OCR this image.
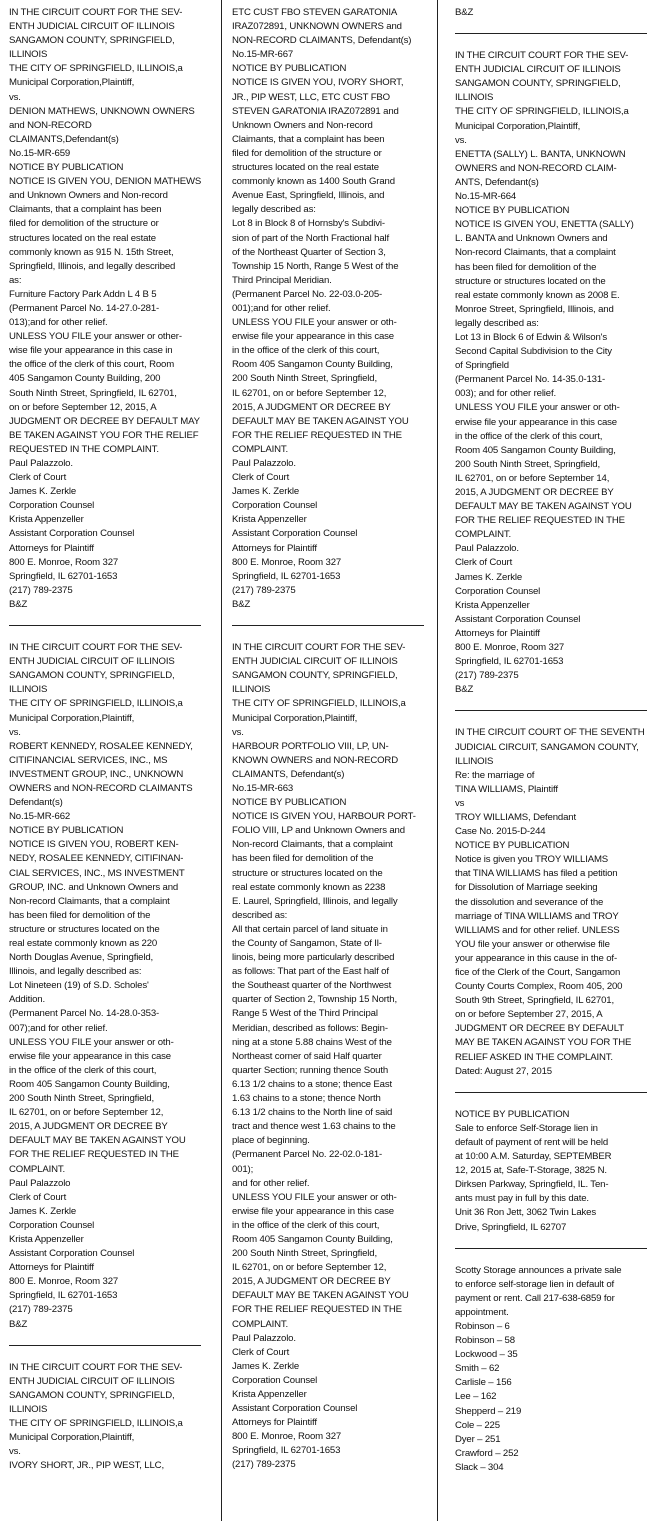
IN THE CIRCUIT COURT FOR THE SEV-
ENTH JUDICIAL CIRCUIT OF ILLINOIS
SANGAMON COUNTY, SPRINGFIELD,
ILLINOIS
THE CITY OF SPRINGFIELD, ILLINOIS,a
Municipal Corporation,Plaintiff,
vs.
DENION MATHEWS, UNKNOWN OWNERS
and NON-RECORD
CLAIMANTS,Defendant(s)
No.15-MR-659
NOTICE BY PUBLICATION
NOTICE IS GIVEN YOU, DENION MATHEWS
and Unknown Owners and Non-record
Claimants, that a complaint has been
filed for demolition of the structure or
structures located on the real estate
commonly known as 915 N. 15th Street,
Springfield, Illinois, and legally described
as:
Furniture Factory Park Addn L 4 B 5
(Permanent Parcel No. 14-27.0-281-
013);and for other relief.
UNLESS YOU FILE your answer or other-
wise file your appearance in this case in
the office of the clerk of this court, Room
405 Sangamon County Building, 200
South Ninth Street, Springfield, IL 62701,
on or before September 12, 2015, A
JUDGMENT OR DECREE BY DEFAULT MAY
BE TAKEN AGAINST YOU FOR THE RELIEF
REQUESTED IN THE COMPLAINT.
Paul Palazzolo.
Clerk of Court
James K. Zerkle
Corporation Counsel
Krista Appenzeller
Assistant Corporation Counsel
Attorneys for Plaintiff
800 E. Monroe, Room 327
Springfield, IL 62701-1653
(217) 789-2375
B&Z
IN THE CIRCUIT COURT FOR THE SEV-
ENTH JUDICIAL CIRCUIT OF ILLINOIS
SANGAMON COUNTY, SPRINGFIELD,
ILLINOIS
THE CITY OF SPRINGFIELD, ILLINOIS,a
Municipal Corporation,Plaintiff,
vs.
ROBERT KENNEDY, ROSALEE KENNEDY,
CITIFINANCIAL SERVICES, INC., MS
INVESTMENT GROUP, INC., UNKNOWN
OWNERS and NON-RECORD CLAIMANTS
Defendant(s)
No.15-MR-662
NOTICE BY PUBLICATION
NOTICE IS GIVEN YOU, ROBERT KEN-
NEDY, ROSALEE KENNEDY, CITIFINAN-
CIAL SERVICES, INC., MS INVESTMENT
GROUP, INC. and Unknown Owners and
Non-record Claimants, that a complaint
has been filed for demolition of the
structure or structures located on the
real estate commonly known as 220
North Douglas Avenue, Springfield,
Illinois, and legally described as:
Lot Nineteen (19) of S.D. Scholes'
Addition.
(Permanent Parcel No. 14-28.0-353-
007);and for other relief.
UNLESS YOU FILE your answer or oth-
erwise file your appearance in this case
in the office of the clerk of this court,
Room 405 Sangamon County Building,
200 South Ninth Street, Springfield,
IL 62701, on or before September 12,
2015, A JUDGMENT OR DECREE BY
DEFAULT MAY BE TAKEN AGAINST YOU
FOR THE RELIEF REQUESTED IN THE
COMPLAINT.
Paul Palazzolo
Clerk of Court
James K. Zerkle
Corporation Counsel
Krista Appenzeller
Assistant Corporation Counsel
Attorneys for Plaintiff
800 E. Monroe, Room 327
Springfield, IL 62701-1653
(217) 789-2375
B&Z
IN THE CIRCUIT COURT FOR THE SEV-
ENTH JUDICIAL CIRCUIT OF ILLINOIS
SANGAMON COUNTY, SPRINGFIELD,
ILLINOIS
THE CITY OF SPRINGFIELD, ILLINOIS,a
Municipal Corporation,Plaintiff,
vs.
IVORY SHORT, JR., PIP WEST, LLC,
ETC CUST FBO STEVEN GARATONIA
IRAZ072891, UNKNOWN OWNERS and
NON-RECORD CLAIMANTS, Defendant(s)
No.15-MR-667
NOTICE BY PUBLICATION
NOTICE IS GIVEN YOU, IVORY SHORT,
JR., PIP WEST, LLC, ETC CUST FBO
STEVEN GARATONIA IRAZ072891 and
Unknown Owners and Non-record
Claimants, that a complaint has been
filed for demolition of the structure or
structures located on the real estate
commonly known as 1400 South Grand
Avenue East, Springfield, Illinois, and
legally described as:
Lot 8 in Block 8 of Hornsby's Subdivi-
sion of part of the North Fractional half
of the Northeast Quarter of Section 3,
Township 15 North, Range 5 West of the
Third Principal Meridian.
(Permanent Parcel No. 22-03.0-205-
001);and for other relief.
UNLESS YOU FILE your answer or oth-
erwise file your appearance in this case
in the office of the clerk of this court,
Room 405 Sangamon County Building,
200 South Ninth Street, Springfield,
IL 62701, on or before September 12,
2015, A JUDGMENT OR DECREE BY
DEFAULT MAY BE TAKEN AGAINST YOU
FOR THE RELIEF REQUESTED IN THE
COMPLAINT.
Paul Palazzolo.
Clerk of Court
James K. Zerkle
Corporation Counsel
Krista Appenzeller
Assistant Corporation Counsel
Attorneys for Plaintiff
800 E. Monroe, Room 327
Springfield, IL 62701-1653
(217) 789-2375
B&Z
IN THE CIRCUIT COURT FOR THE SEV-
ENTH JUDICIAL CIRCUIT OF ILLINOIS
SANGAMON COUNTY, SPRINGFIELD,
ILLINOIS
THE CITY OF SPRINGFIELD, ILLINOIS,a
Municipal Corporation,Plaintiff,
vs.
HARBOUR PORTFOLIO VIII, LP, UN-
KNOWN OWNERS and NON-RECORD
CLAIMANTS, Defendant(s)
No.15-MR-663
NOTICE BY PUBLICATION
NOTICE IS GIVEN YOU, HARBOUR PORT-
FOLIO VIII, LP and Unknown Owners and
Non-record Claimants, that a complaint
has been filed for demolition of the
structure or structures located on the
real estate commonly known as 2238
E. Laurel, Springfield, Illinois, and legally
described as:
All that certain parcel of land situate in
the County of Sangamon, State of Il-
linois, being more particularly described
as follows: That part of the East half of
the Southeast quarter of the Northwest
quarter of Section 2, Township 15 North,
Range 5 West of the Third Principal
Meridian, described as follows: Begin-
ning at a stone 5.88 chains West of the
Northeast corner of said Half quarter
quarter Section; running thence South
6.13 1/2 chains to a stone; thence East
1.63 chains to a stone; thence North
6.13 1/2 chains to the North line of said
tract and thence west 1.63 chains to the
place of beginning.
(Permanent Parcel No. 22-02.0-181-
001);
and for other relief.
UNLESS YOU FILE your answer or oth-
erwise file your appearance in this case
in the office of the clerk of this court,
Room 405 Sangamon County Building,
200 South Ninth Street, Springfield,
IL 62701, on or before September 12,
2015, A JUDGMENT OR DECREE BY
DEFAULT MAY BE TAKEN AGAINST YOU
FOR THE RELIEF REQUESTED IN THE
COMPLAINT.
Paul Palazzolo.
Clerk of Court
James K. Zerkle
Corporation Counsel
Krista Appenzeller
Assistant Corporation Counsel
Attorneys for Plaintiff
800 E. Monroe, Room 327
Springfield, IL 62701-1653
(217) 789-2375
B&Z
IN THE CIRCUIT COURT FOR THE SEV-
ENTH JUDICIAL CIRCUIT OF ILLINOIS
SANGAMON COUNTY, SPRINGFIELD,
ILLINOIS
THE CITY OF SPRINGFIELD, ILLINOIS,a
Municipal Corporation,Plaintiff,
vs.
ENETTA (SALLY) L. BANTA, UNKNOWN
OWNERS and NON-RECORD CLAIM-
ANTS, Defendant(s)
No.15-MR-664
NOTICE BY PUBLICATION
NOTICE IS GIVEN YOU, ENETTA (SALLY)
L. BANTA and Unknown Owners and
Non-record Claimants, that a complaint
has been filed for demolition of the
structure or structures located on the
real estate commonly known as 2008 E.
Monroe Street, Springfield, Illinois, and
legally described as:
Lot 13 in Block 6 of Edwin & Wilson's
Second Capital Subdivision to the City
of Springfield
(Permanent Parcel No. 14-35.0-131-
003); and for other relief.
UNLESS YOU FILE your answer or oth-
erwise file your appearance in this case
in the office of the clerk of this court,
Room 405 Sangamon County Building,
200 South Ninth Street, Springfield,
IL 62701, on or before September 14,
2015, A JUDGMENT OR DECREE BY
DEFAULT MAY BE TAKEN AGAINST YOU
FOR THE RELIEF REQUESTED IN THE
COMPLAINT.
Paul Palazzolo.
Clerk of Court
James K. Zerkle
Corporation Counsel
Krista Appenzeller
Assistant Corporation Counsel
Attorneys for Plaintiff
800 E. Monroe, Room 327
Springfield, IL 62701-1653
(217) 789-2375
B&Z
IN THE CIRCUIT COURT OF THE SEVENTH
JUDICIAL CIRCUIT, SANGAMON COUNTY,
ILLINOIS
Re: the marriage of
TINA WILLIAMS, Plaintiff
vs
TROY WILLIAMS, Defendant
Case No. 2015-D-244
NOTICE BY PUBLICATION
Notice is given you TROY WILLIAMS
that TINA WILLIAMS has filed a petition
for Dissolution of Marriage seeking
the dissolution and severance of the
marriage of TINA WILLIAMS and TROY
WILLIAMS and for other relief. UNLESS
YOU file your answer or otherwise file
your appearance in this cause in the of-
fice of the Clerk of the Court, Sangamon
County Courts Complex, Room 405, 200
South 9th Street, Springfield, IL 62701,
on or before September 27, 2015, A
JUDGMENT OR DECREE BY DEFAULT
MAY BE TAKEN AGAINST YOU FOR THE
RELIEF ASKED IN THE COMPLAINT.
Dated: August 27, 2015
NOTICE BY PUBLICATION
Sale to enforce Self-Storage lien in
default of payment of rent will be held
at 10:00 A.M. Saturday, SEPTEMBER
12, 2015 at, Safe-T-Storage, 3825 N.
Dirksen Parkway, Springfield, IL. Ten-
ants must pay in full by this date.
Unit 36 Ron Jett, 3062 Twin Lakes
Drive, Springfield, IL 62707
Scotty Storage announces a private sale
to enforce self-storage lien in default of
payment or rent. Call 217-638-6859 for
appointment.
Robinson – 6
Robinson – 58
Lockwood – 35
Smith – 62
Carlisle – 156
Lee – 162
Shepperd – 219
Cole – 225
Dyer – 251
Crawford – 252
Slack – 304
